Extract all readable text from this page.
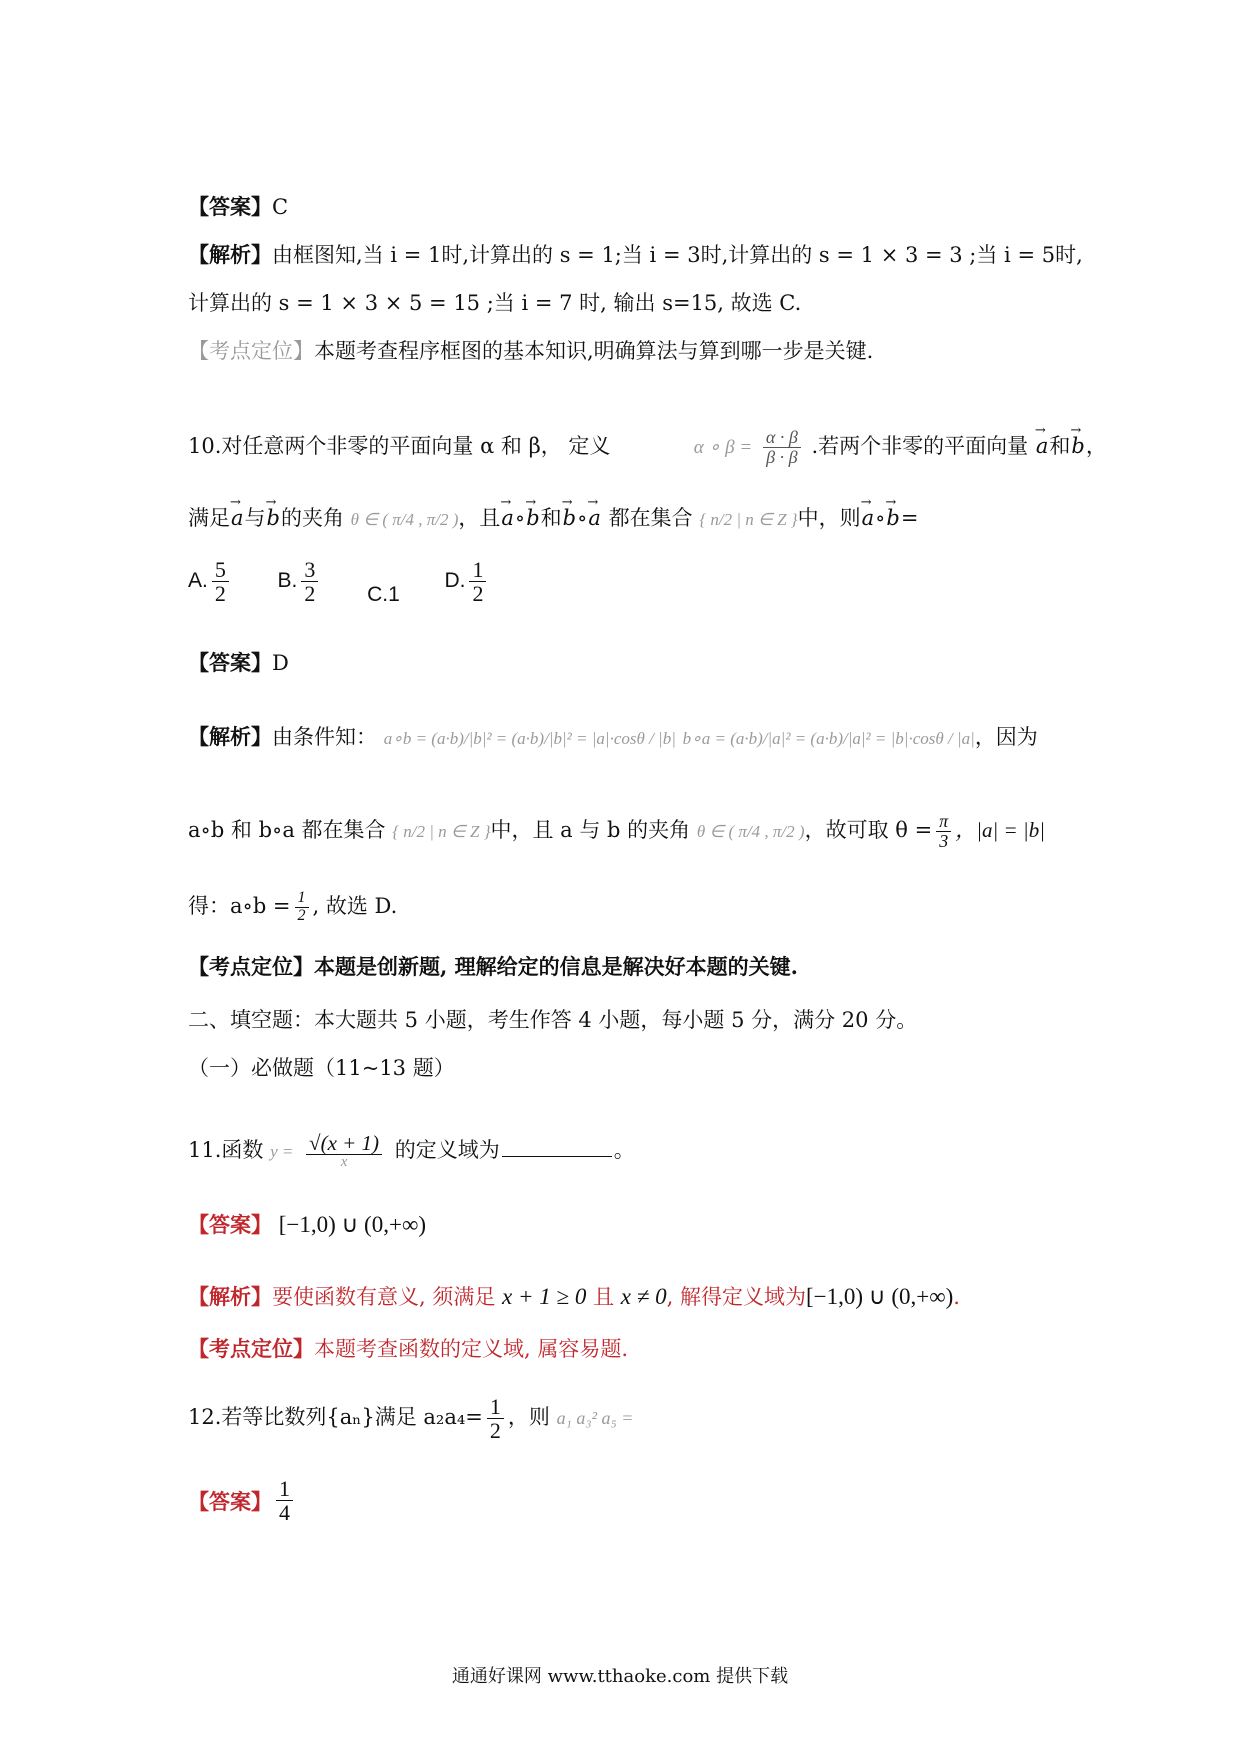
【答案】C
【解析】由框图知,当 i = 1时,计算出的 s = 1;当 i = 3时,计算出的 s = 1 × 3 = 3 ;当 i = 5时,
计算出的 s = 1 × 3 × 5 = 15 ;当 i = 7 时, 输出 s=15, 故选 C.
【考点定位】本题考查程序框图的基本知识,明确算法与算到哪一步是关键.
10.对任意两个非零的平面向量 α 和 β， 定义	α ∘ $\beta = \frac{\alpha \cdot \beta}{\beta \cdot \beta}$ .若两个非零的平面向量 → a和→ b，
满足→ a与→ b的夹角 θ ∈ ( π/4 , π/2 )，且→ a∘→ b和→ b∘→ a 都在集合 { n/2 | n ∈ Z }中，则→ a∘→ b=
A. $\frac{5}{2} B$. $\frac{3}{2} C.1$ D. $\frac{1}{2}$
【答案】D
【解析】由条件知： a∘b = (a·b)/|b|² = (a·b)/|b|² = |a|·cosθ / |b| b∘a = (a·b)/|a|² = (a·b)/|a|² = |b|·cosθ / |a|，因为
a∘b 和 b∘a 都在集合 { n/2 | n ∈ Z }中，且 a 与 b 的夹角 θ ∈ ( π/4 , π/2 )，故可取 $\theta = \frac{\pi}{3}$ ，|a| = |b|
得：a∘b = $\frac{1}{2}$ , 故选 D.
【考点定位】本题是创新题, 理解给定的信息是解决好本题的关键.
二、填空题：本大题共 5 小题，考生作答 4 小题，每小题 5 分，满分 20 分。
（一）必做题（11~13 题）
11.函数 $y = \frac{√(x + 1)}{x}$ 的定义域为	。
【答案】 [−1,0) ∪ (0,+∞)
【解析】要使函数有意义, 须满足 x + 1 ≥ 0 且 x ≠ 0, 解得定义域为[−1,0) ∪ (0,+∞).
【考点定位】本题考查函数的定义域, 属容易题.
12.若等比数列{aₙ}满足 $a_2a_4= \frac{1}{2}$ ，则 a₁ a₃² a₅ =
【答案】 $\frac{1}{4}$
通通好课网 www.tthaoke.com 提供下载
